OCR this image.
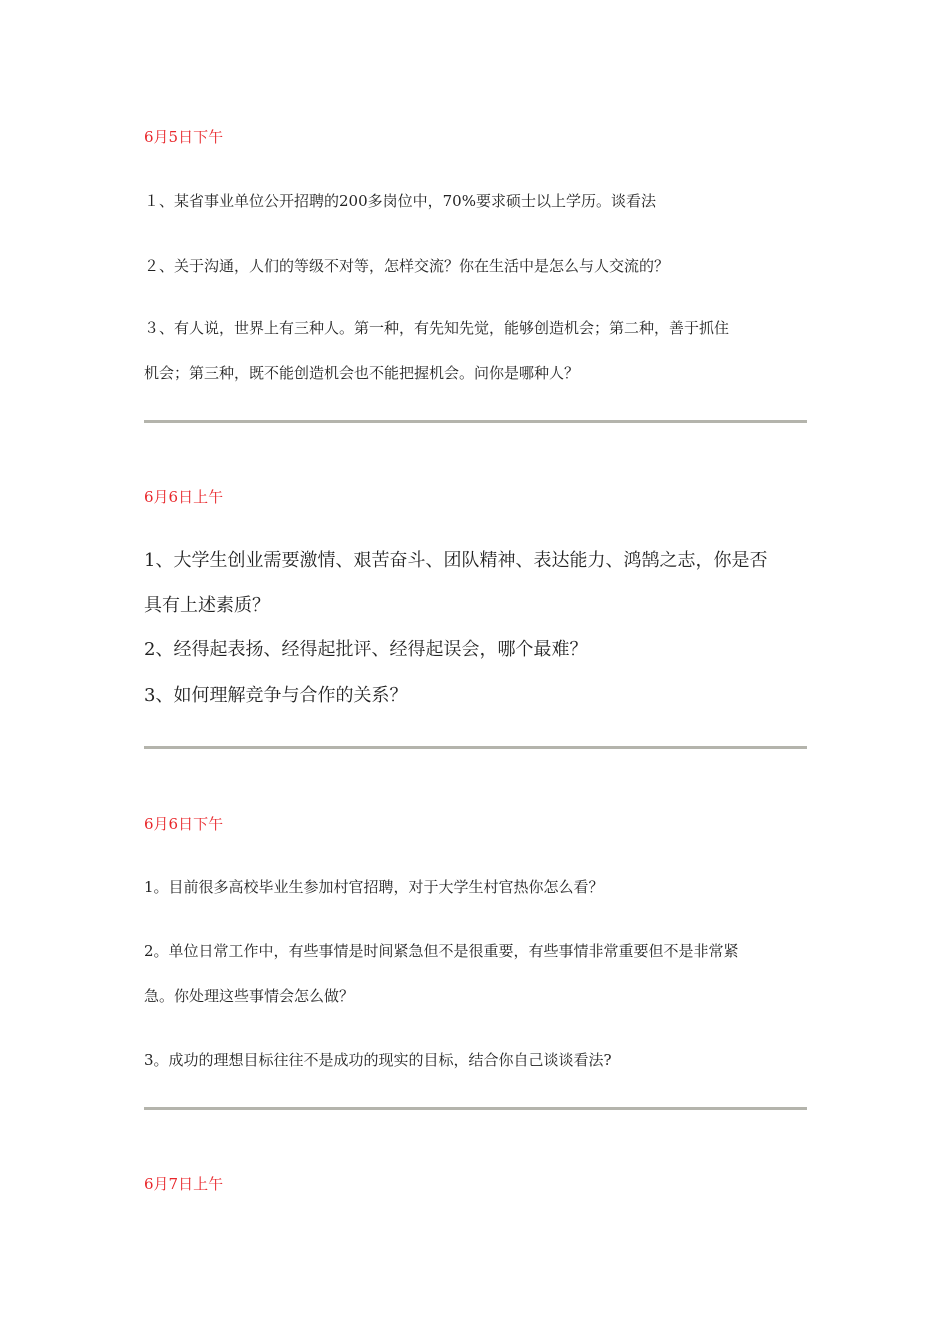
6月5日下午

１、某省事业单位公开招聘的200多岗位中，70%要求硕士以上学历。谈看法

２、关于沟通，人们的等级不对等，怎样交流？你在生活中是怎么与人交流的？

３、有人说，世界上有三种人。第一种，有先知先觉，能够创造机会；第二种，善于抓住

机会；第三种，既不能创造机会也不能把握机会。问你是哪种人？

6月6日上午

1、大学生创业需要激情、艰苦奋斗、团队精神、表达能力、鸿鹄之志，你是否

具有上述素质？

2、经得起表扬、经得起批评、经得起误会，哪个最难？

3、如何理解竞争与合作的关系？

6月6日下午

1。目前很多高校毕业生参加村官招聘，对于大学生村官热你怎么看？

2。单位日常工作中，有些事情是时间紧急但不是很重要，有些事情非常重要但不是非常紧

急。你处理这些事情会怎么做？

3。成功的理想目标往往不是成功的现实的目标，结合你自己谈谈看法?

6月7日上午
